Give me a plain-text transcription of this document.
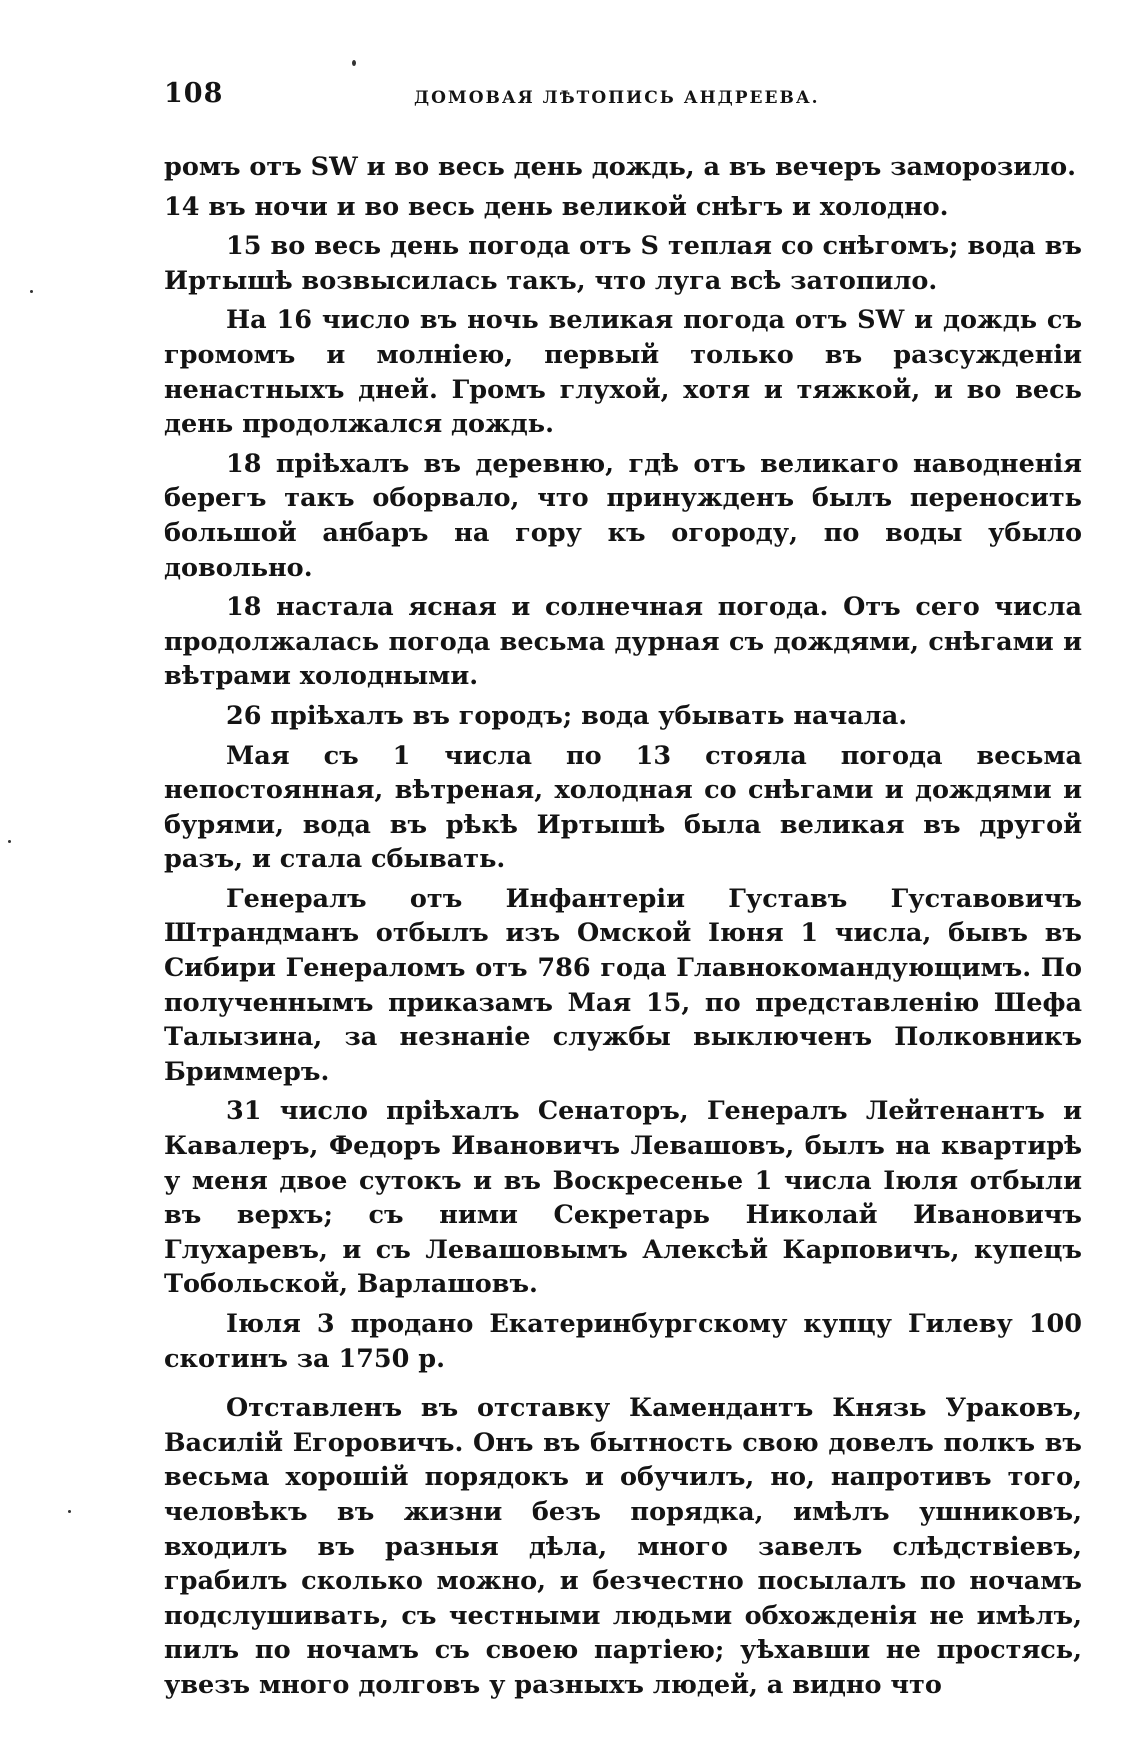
108	ДОМОВАЯ ЛѢТОПИСЬ АНДРЕЕВА.

ромъ отъ SW и во весь день дождь, а въ вечеръ заморозило.

14 въ ночи и во весь день великой снѣгъ и холодно.

15 во весь день погода отъ S теплая со снѣгомъ; вода въ Иртышѣ возвысилась такъ, что луга всѣ затопило.

На 16 число въ ночь великая погода отъ SW и дождь съ громомъ и молніею, первый только въ разсужденіи ненастныхъ дней. Громъ глухой, хотя и тяжкой, и во весь день продолжался дождь.

18 пріѣхалъ въ деревню, гдѣ отъ великаго наводненія берегъ такъ оборвало, что принужденъ былъ переносить большой анбаръ на гору къ огороду, по воды убыло довольно.

18 настала ясная и солнечная погода. Отъ сего числа продолжалась погода весьма дурная съ дождями, снѣгами и вѣтрами холодными.

26 пріѣхалъ въ городъ; вода убывать начала.

Мая съ 1 числа по 13 стояла погода весьма непостоянная, вѣтреная, холодная со снѣгами и дождями и бурями, вода въ рѣкѣ Иртышѣ была великая въ другой разъ, и стала сбывать.

Генералъ отъ Инфантеріи Густавъ Густавовичъ Штрандманъ отбылъ изъ Омской Іюня 1 числа, бывъ въ Сибири Генераломъ отъ 786 года Главнокомандующимъ. По полученнымъ приказамъ Мая 15, по представленію Шефа Талызина, за незнаніе службы выключенъ Полковникъ Бриммеръ.

31 число пріѣхалъ Сенаторъ, Генералъ Лейтенантъ и Кавалеръ, Федоръ Ивановичъ Левашовъ, былъ на квартирѣ у меня двое сутокъ и въ Воскресенье 1 числа Іюля отбыли въ верхъ; съ ними Секретарь Николай Ивановичъ Глухаревъ, и съ Левашовымъ Алексѣй Карповичъ, купецъ Тобольской, Варлашовъ.

Іюля 3 продано Екатеринбургскому купцу Гилеву 100 скотинъ за 1750 р.

Отставленъ въ отставку Камендантъ Князь Ураковъ, Василій Егоровичъ. Онъ въ бытность свою довелъ полкъ въ весьма хорошій порядокъ и обучилъ, но, напротивъ того, человѣкъ въ жизни безъ порядка, имѣлъ ушниковъ, входилъ въ разныя дѣла, много завелъ слѣдствіевъ, грабилъ сколько можно, и безчестно посылалъ по ночамъ подслушивать, съ честными людьми обхожденія не имѣлъ, пилъ по ночамъ съ своею партіею; уѣхавши не простясь, увезъ много долговъ у разныхъ людей, а видно что
